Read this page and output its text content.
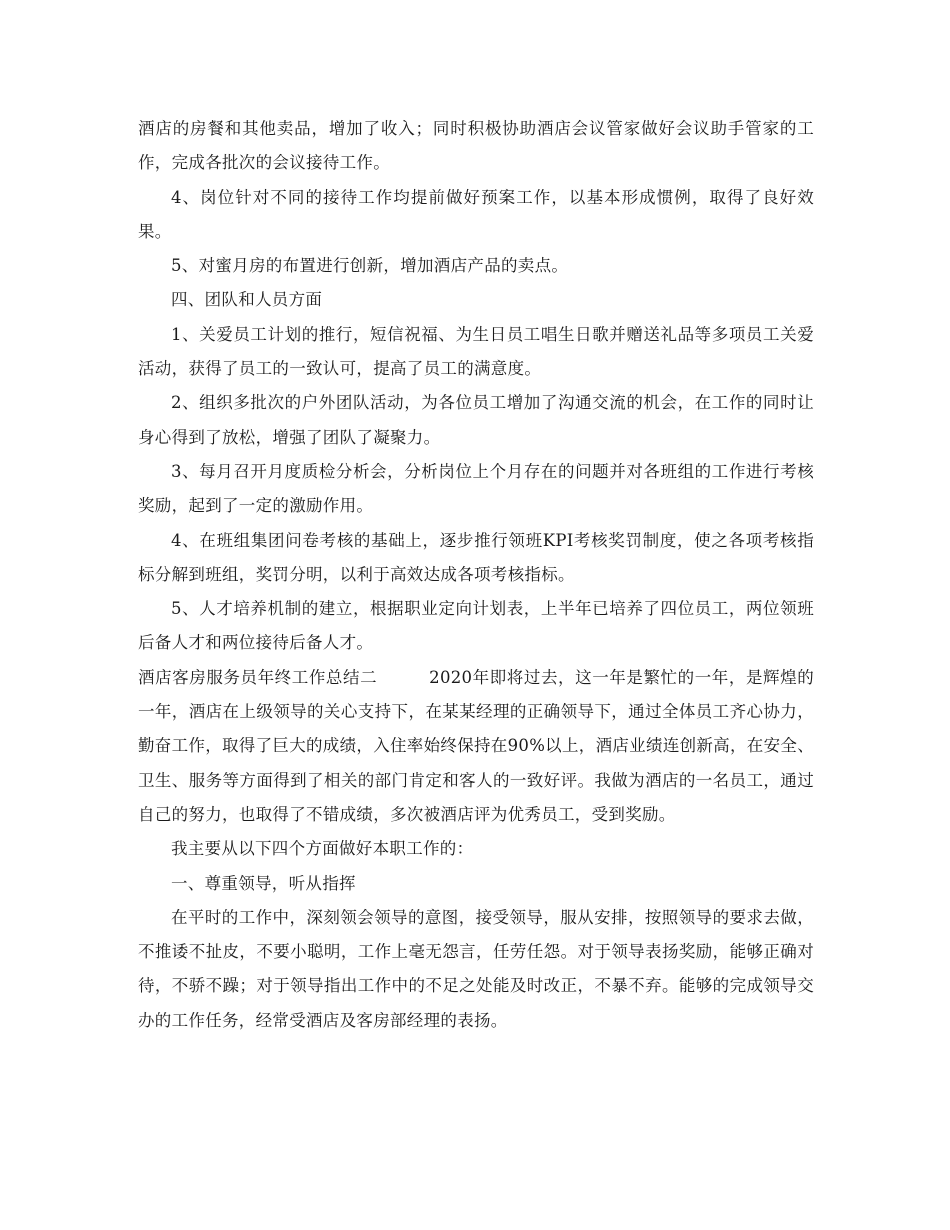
酒店的房餐和其他卖品，增加了收入；同时积极协助酒店会议管家做好会议助手管家的工作，完成各批次的会议接待工作。

4、岗位针对不同的接待工作均提前做好预案工作，以基本形成惯例，取得了良好效果。

5、对蜜月房的布置进行创新，增加酒店产品的卖点。

四、团队和人员方面

1、关爱员工计划的推行，短信祝福、为生日员工唱生日歌并赠送礼品等多项员工关爱活动，获得了员工的一致认可，提高了员工的满意度。

2、组织多批次的户外团队活动，为各位员工增加了沟通交流的机会，在工作的同时让身心得到了放松，增强了团队了凝聚力。

3、每月召开月度质检分析会，分析岗位上个月存在的问题并对各班组的工作进行考核奖励，起到了一定的激励作用。

4、在班组集团问卷考核的基础上，逐步推行领班KPI考核奖罚制度，使之各项考核指标分解到班组，奖罚分明，以利于高效达成各项考核指标。

5、人才培养机制的建立，根据职业定向计划表，上半年已培养了四位员工，两位领班后备人才和两位接待后备人才。

酒店客房服务员年终工作总结二	2020年即将过去，这一年是繁忙的一年，是辉煌的一年，酒店在上级领导的关心支持下，在某某经理的正确领导下，通过全体员工齐心协力，勤奋工作，取得了巨大的成绩，入住率始终保持在90%以上，酒店业绩连创新高，在安全、卫生、服务等方面得到了相关的部门肯定和客人的一致好评。我做为酒店的一名员工，通过自己的努力，也取得了不错成绩，多次被酒店评为优秀员工，受到奖励。

我主要从以下四个方面做好本职工作的：

一、尊重领导，听从指挥

在平时的工作中，深刻领会领导的意图，接受领导，服从安排，按照领导的要求去做，不推诿不扯皮，不要小聪明，工作上毫无怨言，任劳任怨。对于领导表扬奖励，能够正确对待，不骄不躁；对于领导指出工作中的不足之处能及时改正，不暴不弃。能够的完成领导交办的工作任务，经常受酒店及客房部经理的表扬。
